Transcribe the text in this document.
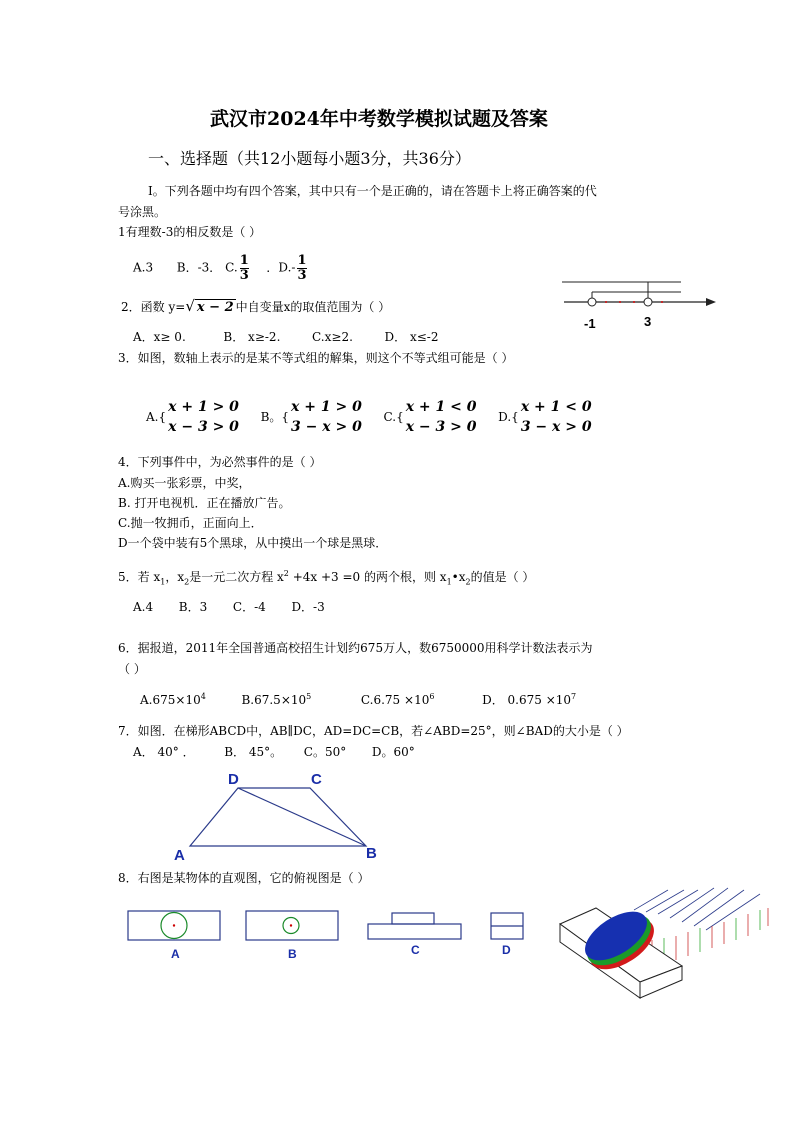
武汉市2024年中考数学模拟试题及答案
一、选择题（共12小题每小题3分，共36分）
I。下列各题中均有四个答案，其中只有一个是正确的，请在答题卡上将正确答案的代
号涂黑。
1有理数-3的相反数是（ ）
A.3 B．-3． C. $\frac{1}{3}$ ．$D.- \frac{1}{3}$
2．函数 y=√ x − 2 中自变量x的取值范围为（ ）
A．x≥ 0.	B． x≥-2.	C.x≥2.	D． x≤-2
-1	3
3．如图，数轴上表示的是某不等式组的解集，则这个不等式组可能是（ ）
A.{
x + 1 > 0
x − 3 > 0
B。{
x + 1 > 0
3 − x > 0
C.{
x + 1 < 0
x − 3 > 0
D.{
x + 1 < 0
3 − x > 0
4．下列事件中，为必然事件的是（ ）
A.购买一张彩票，中奖，
B. 打开电视机．正在播放广告。
C.抛一牧拥币，正面向上．
D一个袋中装有5个黑球，从中摸出一个球是黑球．
5．若 $x_1$，$x_2$是一元二次方程 $x^2 +4x +3 =0$ 的两个根，则 $x_1•x_2$的值是（ ）
A.4 B．3 C．-4 D．-3
6．据报道，2011年全国普通高校招生计划约675万人，数6750000用科学计数法表示为
（ ）
$A.675\times 10^4$	$B.67.5\times 10^5$	$C.6.75 \times 10^6$	D． $0.675 \times 10^7$
7．如图．在梯形ABCD中，AB∥DC，AD=DC=CB，若∠ABD=25°，则∠BAD的大小是（ ）
A． 40° ． B． 45°。 C。50° D。60°
D	C
A	B
8．右图是某物体的直观图，它的俯视图是（ ）
A	B	C	D
